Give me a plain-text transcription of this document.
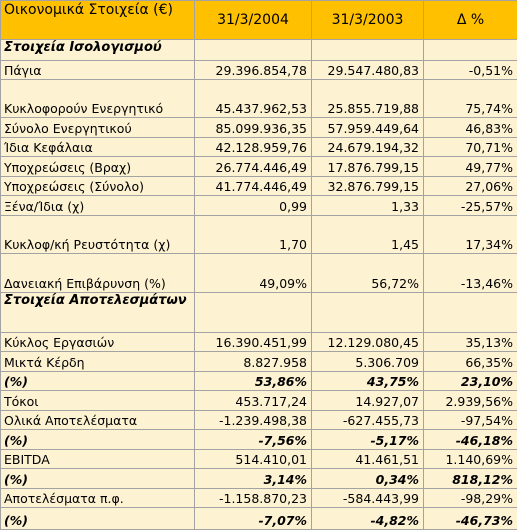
Οικονομικά Στοιχεία (€)	31/3/2004	31/3/2003	Δ %
Στοιχεία Ισολογισμού			
Πάγια	29.396.854,78	29.547.480,83	-0,51%
Κυκλοφορούν Ενεργητικό	45.437.962,53	25.855.719,88	75,74%
Σύνολο Ενεργητικού	85.099.936,35	57.959.449,64	46,83%
Ίδια Κεφάλαια	42.128.959,76	24.679.194,32	70,71%
Υποχρεώσεις (Βραχ)	26.774.446,49	17.876.799,15	49,77%
Υποχρεώσεις (Σύνολο)	41.774.446,49	32.876.799,15	27,06%
Ξένα/Ίδια (χ)	0,99	1,33	-25,57%
Κυκλοφ/κή Ρευστότητα (χ)	1,70	1,45	17,34%
Δανειακή Επιβάρυνση (%)	49,09%	56,72%	-13,46%
Στοιχεία Αποτελεσμάτων			
Κύκλος Εργασιών	16.390.451,99	12.129.080,45	35,13%
Μικτά Κέρδη	8.827.958	5.306.709	66,35%
(%)	53,86%	43,75%	23,10%
Τόκοι	453.717,24	14.927,07	2.939,56%
Ολικά Αποτελέσματα	-1.239.498,38	-627.455,73	-97,54%
(%)	-7,56%	-5,17%	-46,18%
EBITDA	514.410,01	41.461,51	1.140,69%
(%)	3,14%	0,34%	818,12%
Αποτελέσματα π.φ.	-1.158.870,23	-584.443,99	-98,29%
(%)	-7,07%	-4,82%	-46,73%
